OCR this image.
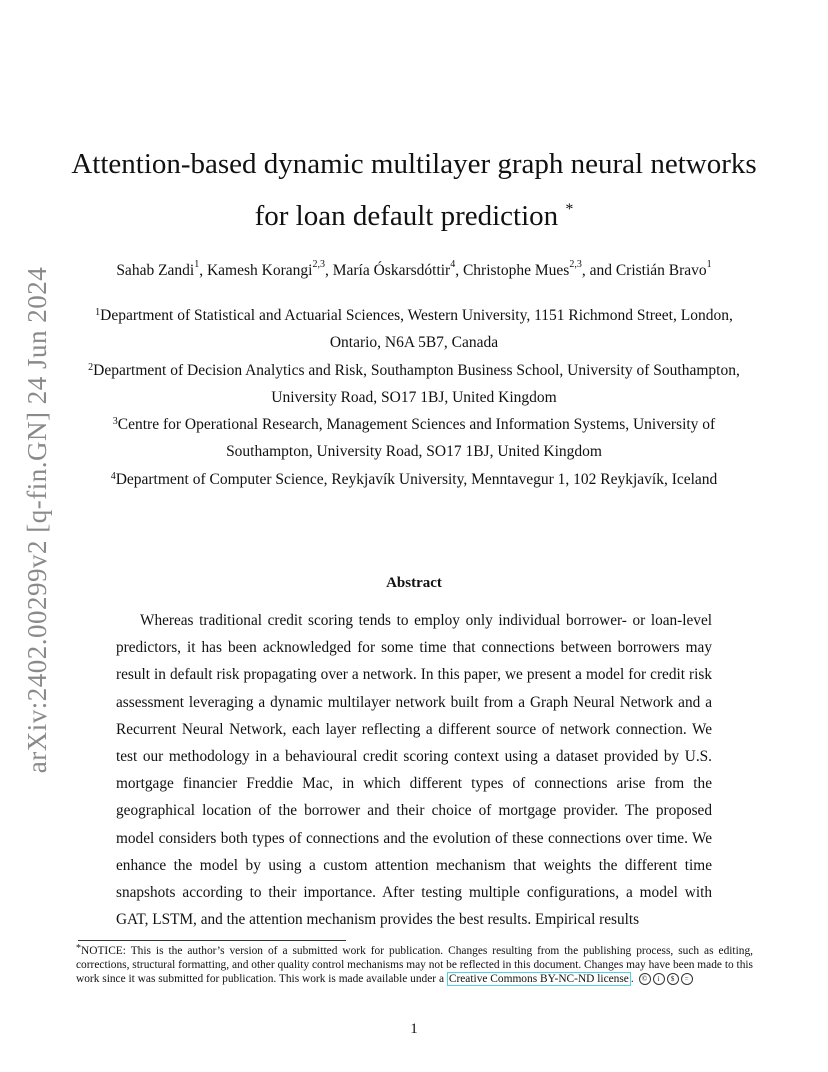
arXiv:2402.00299v2 [q-fin.GN] 24 Jun 2024
Attention-based dynamic multilayer graph neural networks
for loan default prediction *
Sahab Zandi$^1$, Kamesh Korangi$^{2,3}$, María Óskarsdóttir$^4$, Christophe Mues$^{2,3}$, and Cristián Bravo$^1$
$^1$Department of Statistical and Actuarial Sciences, Western University, 1151 Richmond Street, London,
Ontario, N6A 5B7, Canada
$^2$Department of Decision Analytics and Risk, Southampton Business School, University of Southampton,
University Road, SO17 1BJ, United Kingdom
$^3$Centre for Operational Research, Management Sciences and Information Systems, University of
Southampton, University Road, SO17 1BJ, United Kingdom
$^4$Department of Computer Science, Reykjavík University, Menntavegur 1, 102 Reykjavík, Iceland
Abstract
Whereas traditional credit scoring tends to employ only individual borrower- or loan-level predictors, it has been acknowledged for some time that connections between borrowers may result in default risk propagating over a network. In this paper, we present a model for credit risk assessment leveraging a dynamic multilayer network built from a Graph Neural Network and a Recurrent Neural Network, each layer reflecting a different source of network connection. We test our methodology in a behavioural credit scoring context using a dataset provided by U.S. mortgage financier Freddie Mac, in which different types of connections arise from the geographical location of the borrower and their choice of mortgage provider. The proposed model considers both types of connections and the evolution of these connections over time. We enhance the model by using a custom attention mechanism that weights the different time snapshots according to their importance. After testing multiple configurations, a model with GAT, LSTM, and the attention mechanism provides the best results. Empirical results
*NOTICE: This is the author’s version of a submitted work for publication. Changes resulting from the publishing process, such as editing, corrections, structural formatting, and other quality control mechanisms may not be reflected in this document. Changes may have been made to this work since it was submitted for publication. This work is made available under a Creative Commons BY-NC-ND license . © i $ =
1
